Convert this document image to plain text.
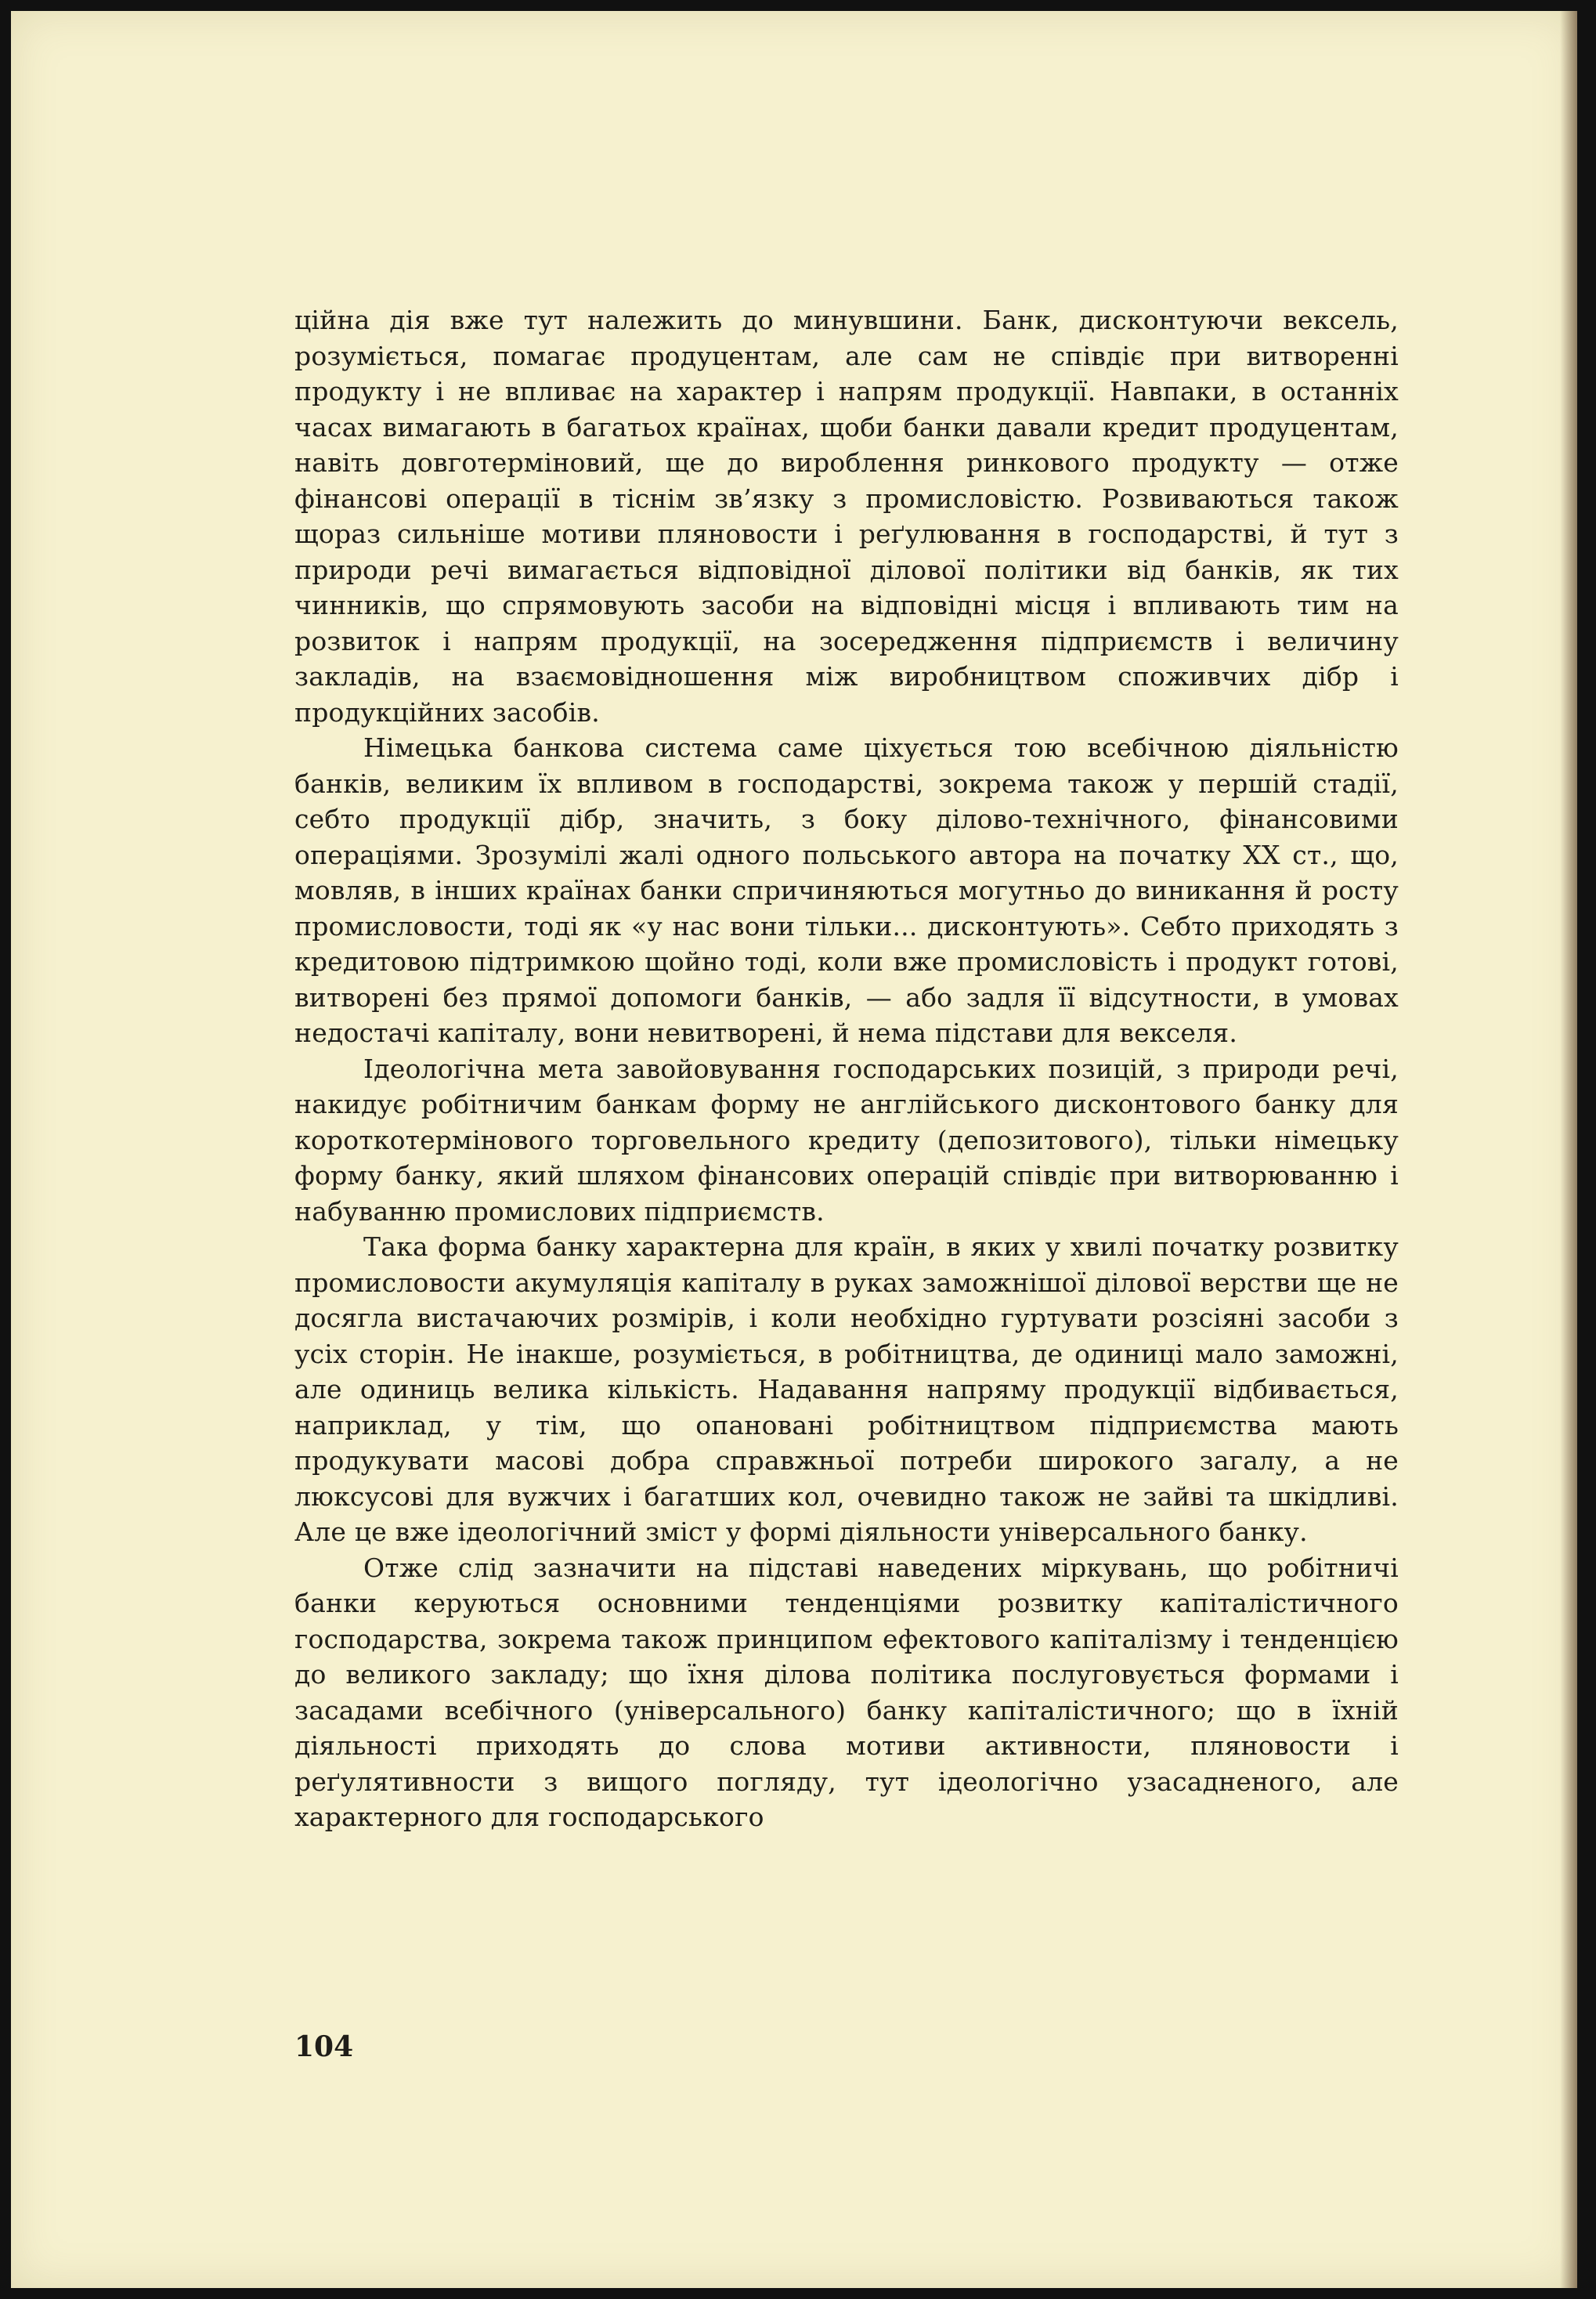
ційна дія вже тут належить до минувшини. Банк, дисконтуючи вексель, розуміється, помагає продуцентам, але сам не співдіє при витворенні продукту і не впливає на характер і напрям продукції. Навпаки, в останніх часах вимагають в багатьох країнах, щоби банки давали кредит продуцентам, навіть довготерміновий, ще до вироблення ринкового продукту — отже фінансові операції в тіснім зв’язку з промисловістю. Розвиваються також щораз сильніше мотиви пляновости і реґулювання в господарстві, й тут з природи речі вимагається відповідної ділової політики від банків, як тих чинників, що спрямовують засоби на відповідні місця і впливають тим на розвиток і напрям продукції, на зосередження підприємств і величину закладів, на взаємовідношення між виробництвом споживчих дібр і продукційних засобів.

Німецька банкова система саме ціхується тою всебічною діяльністю банків, великим їх впливом в господарстві, зокрема також у першій стадії, себто продукції дібр, значить, з боку ділово-технічного, фінансовими операціями. Зрозумілі жалі одного польського автора на початку XX ст., що, мовляв, в інших країнах банки спричиняються могутньо до виникання й росту промисловости, тоді як «у нас вони тільки... дисконтують». Себто приходять з кредитовою підтримкою щойно тоді, коли вже промисловість і продукт готові, витворені без прямої допомоги банків, — або задля її відсутности, в умовах недостачі капіталу, вони невитворені, й нема підстави для векселя.

Ідеологічна мета завойовування господарських позицій, з природи речі, накидує робітничим банкам форму не англійського дисконтового банку для короткотермінового торговельного кредиту (депозитового), тільки німецьку форму банку, який шляхом фінансових операцій співдіє при витворюванню і набуванню промислових підприємств.

Така форма банку характерна для країн, в яких у хвилі початку розвитку промисловости акумуляція капіталу в руках заможнішої ділової верстви ще не досягла вистачаючих розмірів, і коли необхідно гуртувати розсіяні засоби з усіх сторін. Не інакше, розуміється, в робітництва, де одиниці мало заможні, але одиниць велика кількість. Надавання напряму продукції відбивається, наприклад, у тім, що опановані робітництвом підприємства мають продукувати масові добра справжньої потреби широкого загалу, а не люксусові для вужчих і багатших кол, очевидно також не зайві та шкідливі. Але це вже ідеологічний зміст у формі діяльности універсального банку.

Отже слід зазначити на підставі наведених міркувань, що робітничі банки керуються основними тенденціями розвитку капіталістичного господарства, зокрема також принципом ефектового капіталізму і тенденцією до великого закладу; що їхня ділова політика послуговується формами і засадами всебічного (універсального) банку капіталістичного; що в їхній діяльності приходять до слова мотиви активности, пляновости і реґулятивности з вищого погляду, тут ідеологічно узасадненого, але характерного для господарського

104
